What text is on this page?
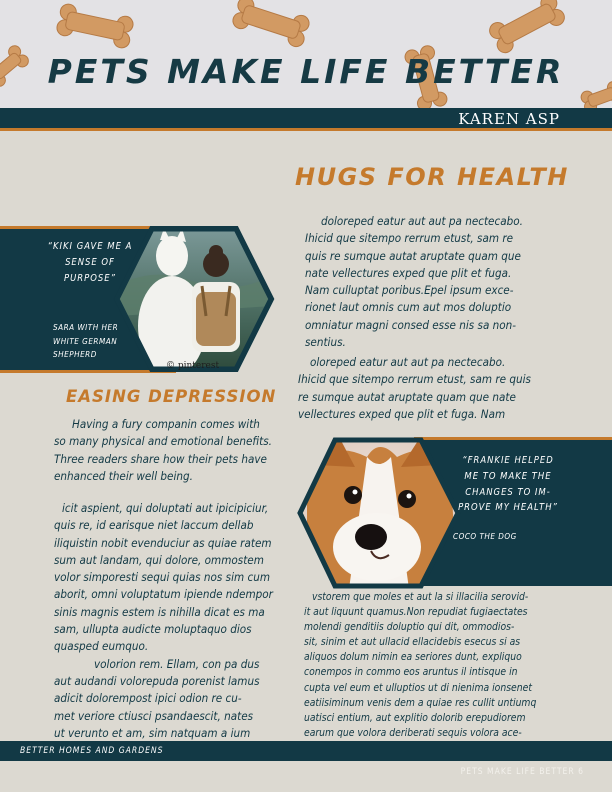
PETS MAKE LIFE BETTER
KAREN ASP
HUGS FOR HEALTH
© pinterest

“KIKI GAVE ME A
SENSE OF
PURPOSE”

SARA WITH HER
WHITE GERMAN
SHEPHERD

doloreped eatur aut aut pa nectecabo.
Ihicid que sitempo rerrum etust, sam re
quis re sumque autat aruptate quam que
nate vellectures exped que plit et fuga.
Nam culluptat poribus.Epel ipsum exce-
rionet laut omnis cum aut mos doluptio
omniatur magni consed esse nis sa non-
sentius.

oloreped eatur aut aut pa nectecabo.
Ihicid que sitempo rerrum etust, sam re quis
re sumque autat aruptate quam que nate
vellectures exped que plit et fuga. Nam

EASING DEPRESSION

Having a fury companin comes with
so many physical and emotional benefits.
Three readers share how their pets have
enhanced their well being.

icit aspient, qui doluptati aut ipicipiciur,
quis re, id earisque niet laccum dellab
iliquistin nobit evenduciur as quiae ratem
sum aut landam, qui dolore, ommostem
volor simporesti sequi quias nos sim cum
aborit, omni voluptatum ipiende ndempor
sinis magnis estem is nihilla dicat es ma
sam, ullupta audicte moluptaquo dios
quasped eumquo.
volorion rem. Ellam, con pa dus
aut audandi volorepuda porenist lamus
adicit dolorempost ipici odion re cu-
met veriore ctiusci psandaescit, nates
ut verunto et am, sim natquam a ium

“FRANKIE HELPED
ME TO MAKE THE
CHANGES TO IM-
PROVE MY HEALTH”

COCO THE DOG

vstorem que moles et aut la si illacilia serovid-
it aut liquunt quamus.Non repudiat fugiaectates
molendi genditiis doluptio qui dit, ommodios-
sit, sinim et aut ullacid ellacidebis esecus si as
aliquos dolum nimin ea seriores dunt, expliquo
conempos in commo eos aruntus il intisque in
cupta vel eum et ulluptios ut di nienima ionsenet
eatiisiminum venis dem a quiae res cullit untiumq
uatisci entium, aut explitio dolorib erepudiorem
earum que volora deriberati sequis volora ace-

BETTER HOMES AND GARDENS
PETS MAKE LIFE BETTER 6
